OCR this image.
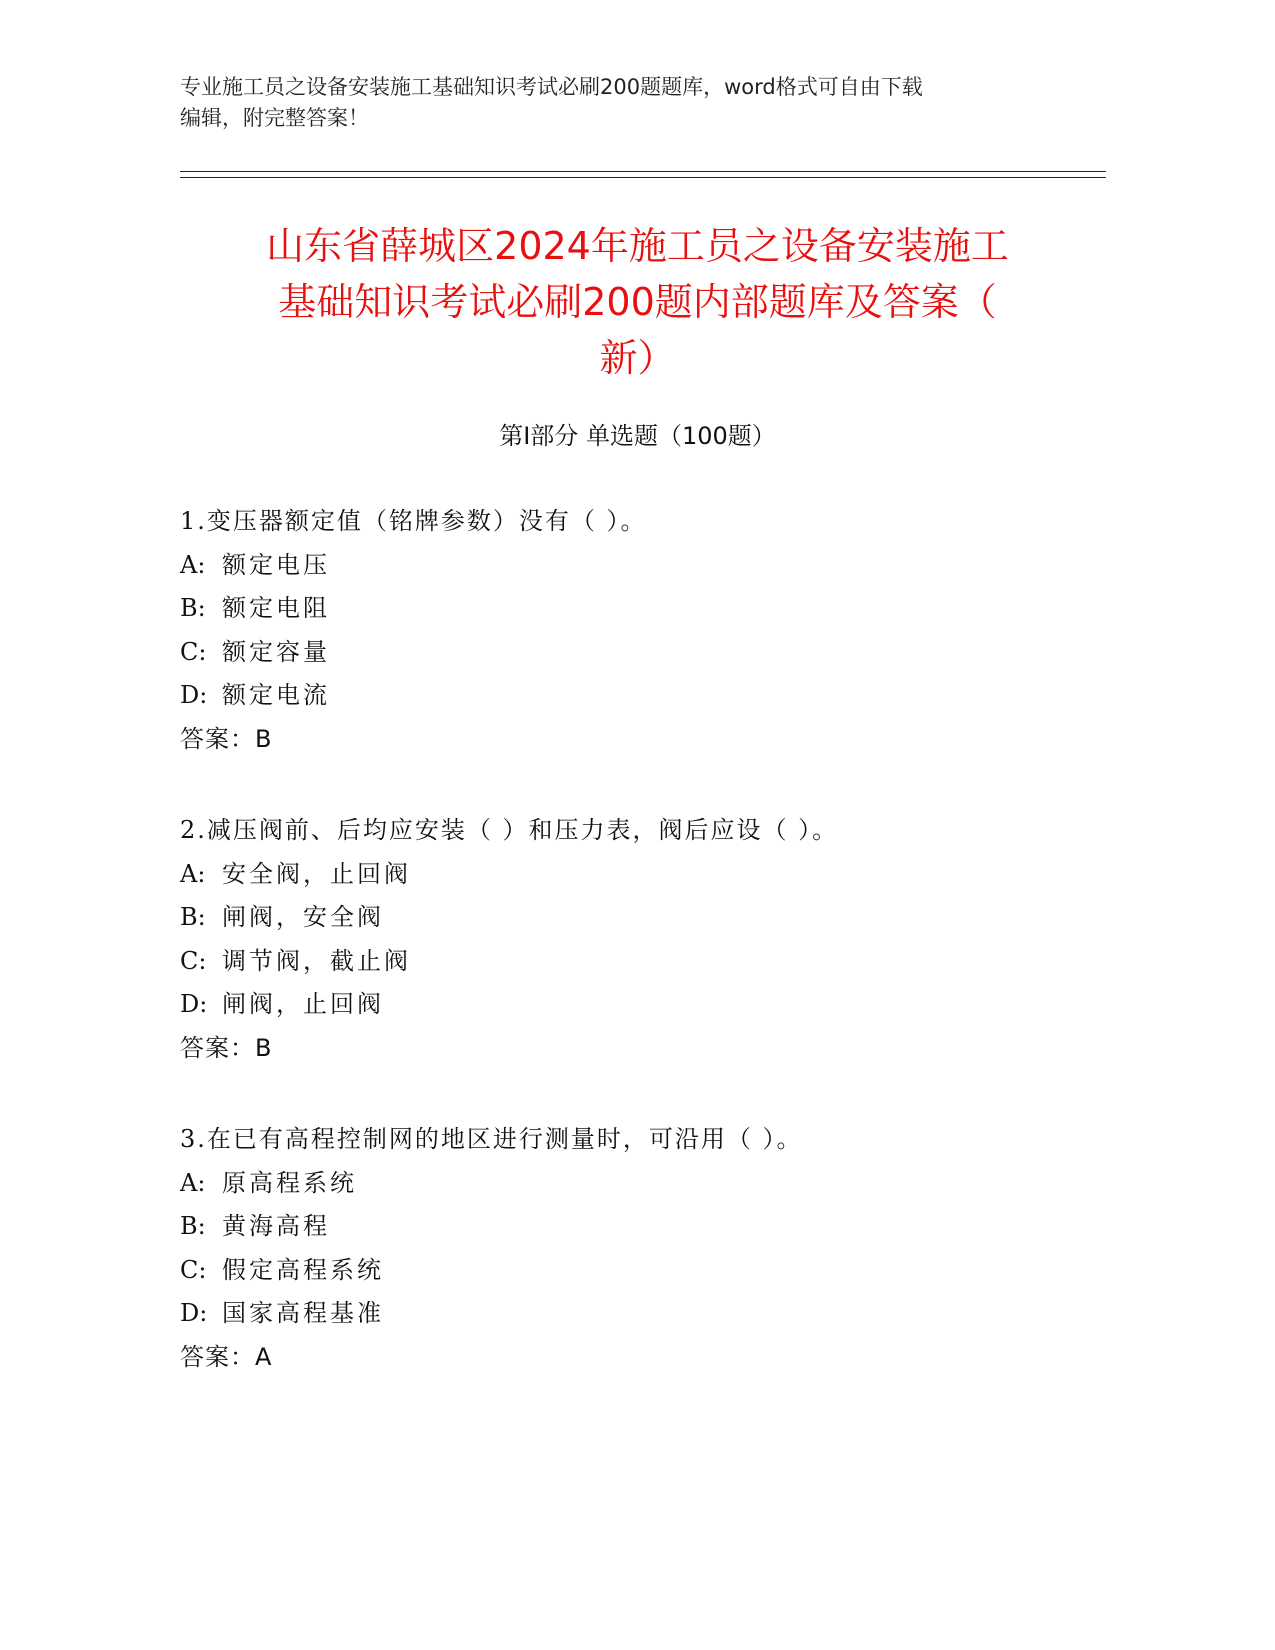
专业施工员之设备安装施工基础知识考试必刷200题题库，word格式可自由下载
编辑，附完整答案！
山东省薛城区2024年施工员之设备安装施工
基础知识考试必刷200题内部题库及答案（
新）
第Ⅰ部分 单选题（100题）
1.变压器额定值（铭牌参数）没有（ ）。
A: 额定电压
B: 额定电阻
C: 额定容量
D: 额定电流
答案：B
2.减压阀前、后均应安装（ ）和压力表，阀后应设（ ）。
A: 安全阀，止回阀
B: 闸阀，安全阀
C: 调节阀，截止阀
D: 闸阀，止回阀
答案：B
3.在已有高程控制网的地区进行测量时，可沿用（ ）。
A: 原高程系统
B: 黄海高程
C: 假定高程系统
D: 国家高程基准
答案：A
